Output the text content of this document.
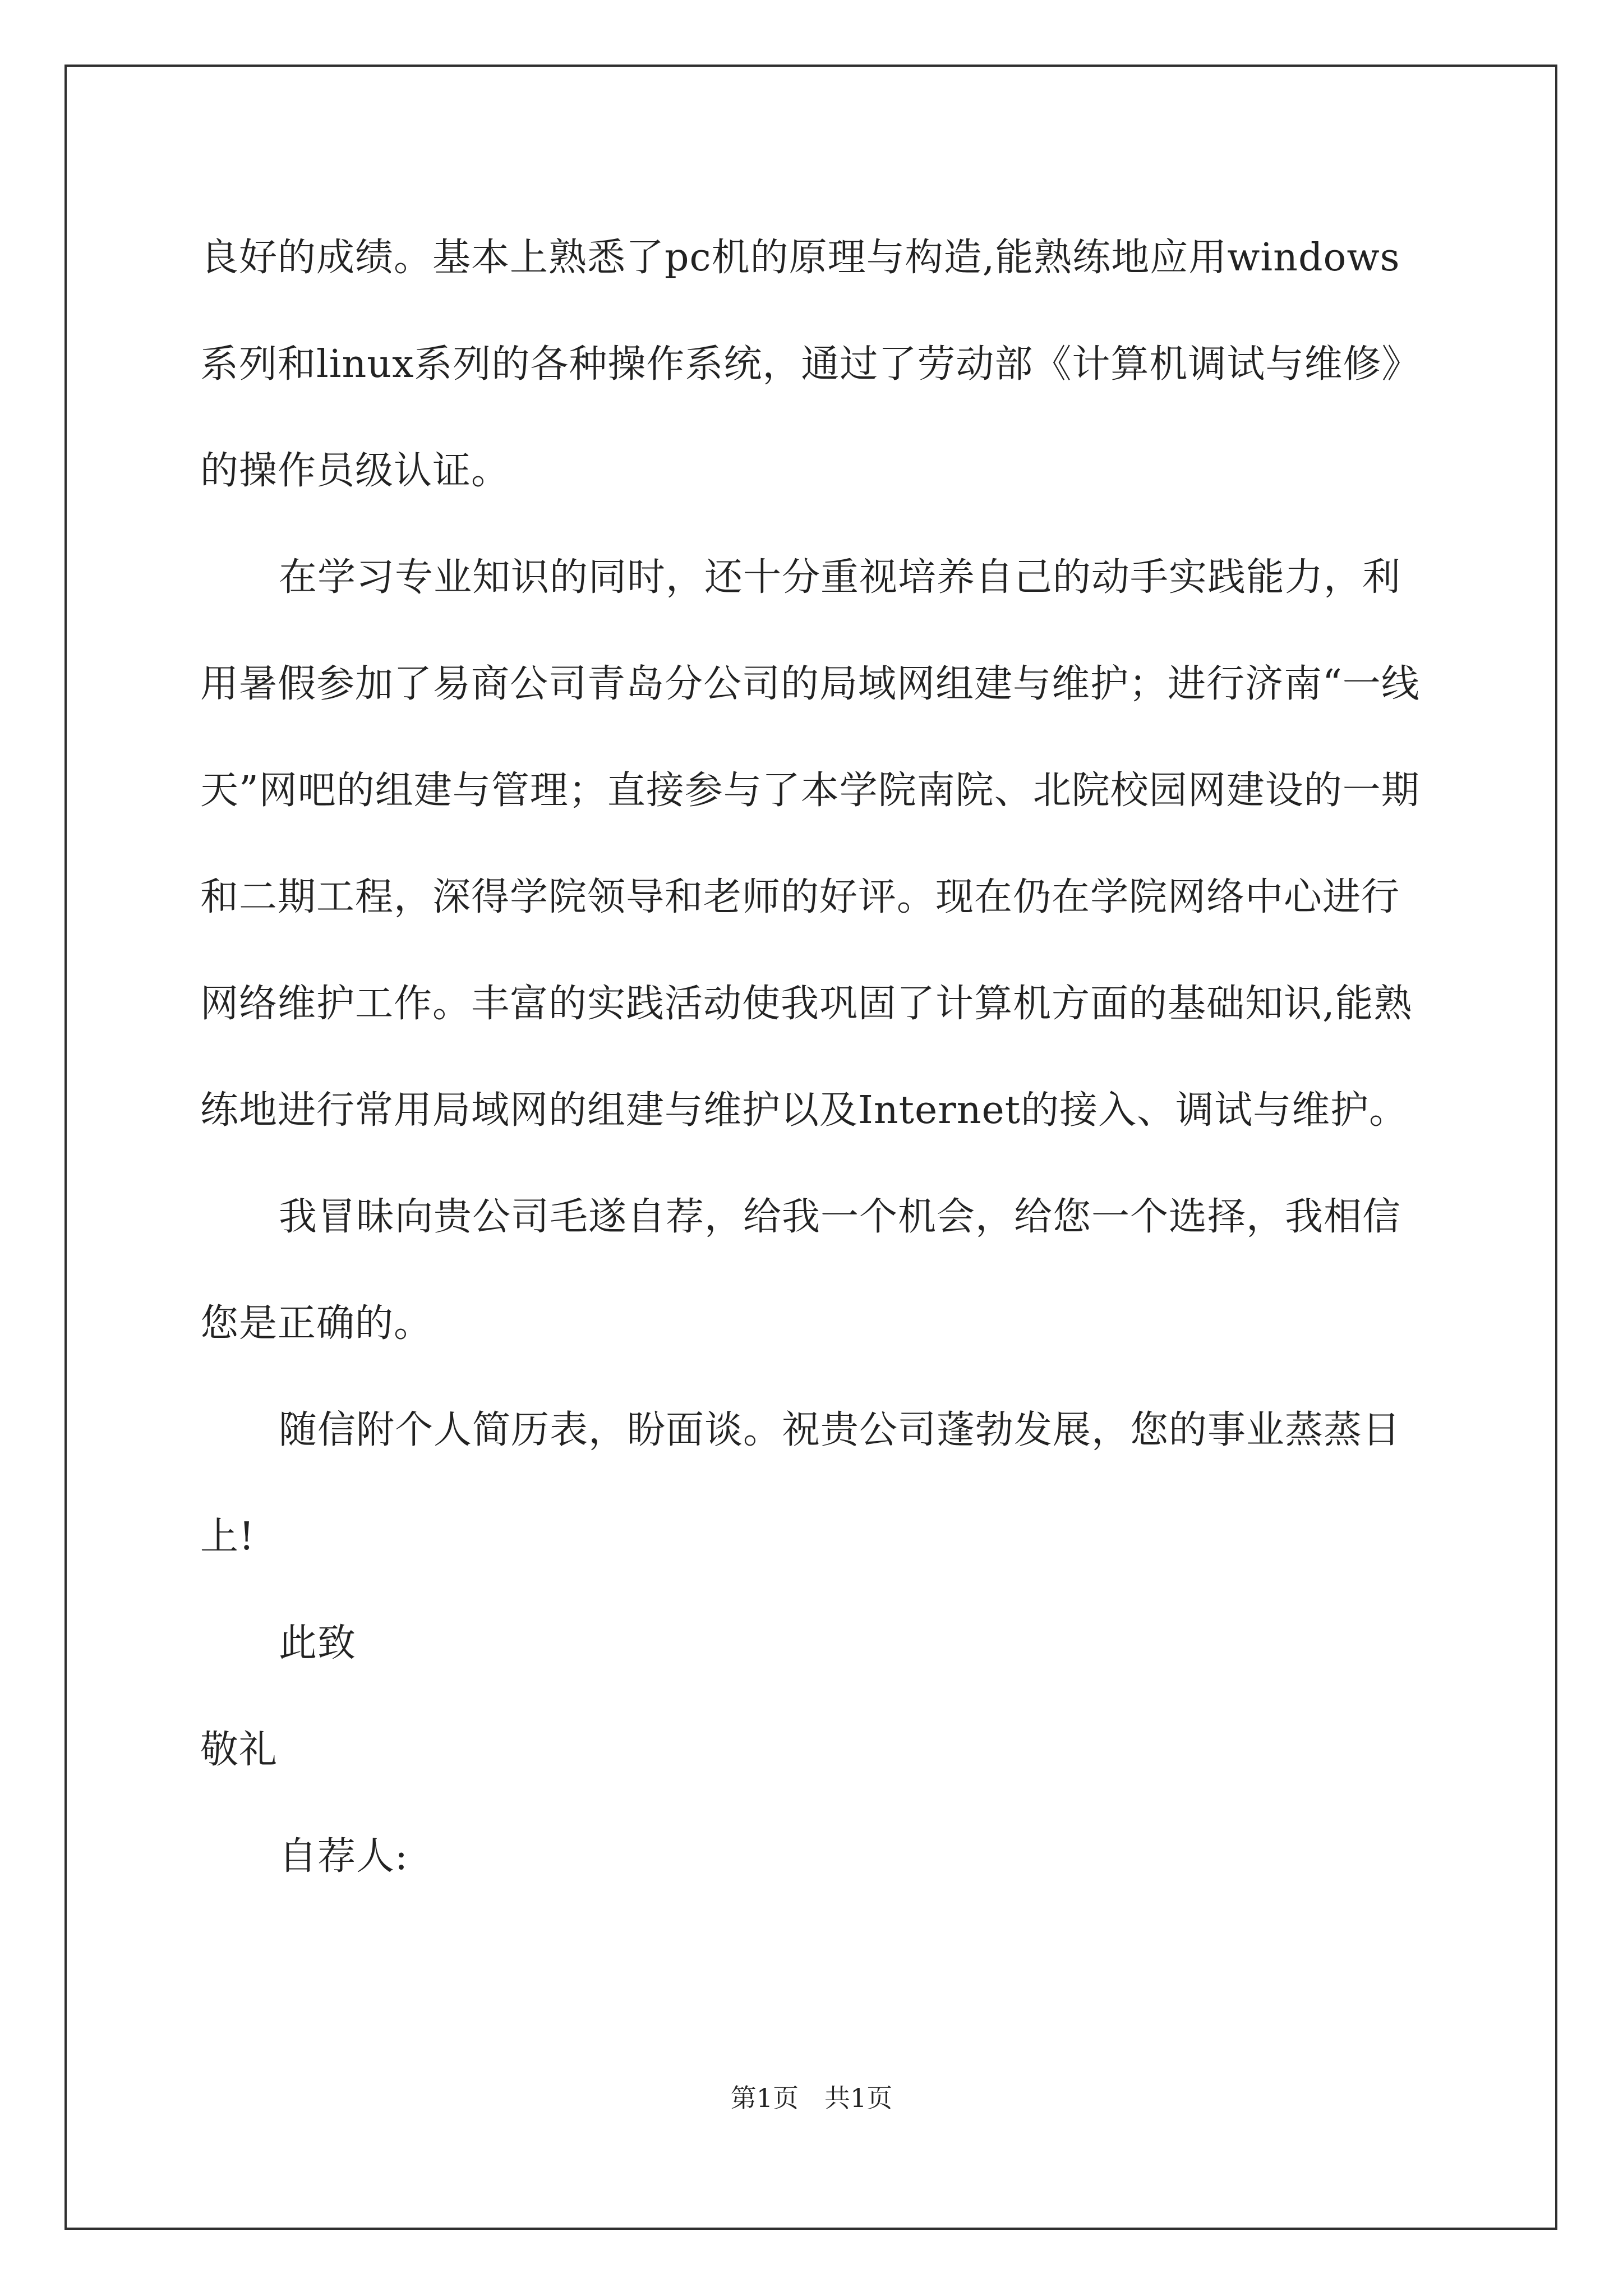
良好的成绩。基本上熟悉了pc机的原理与构造,能熟练地应用windows系列和linux系列的各种操作系统，通过了劳动部《计算机调试与维修》的操作员级认证。

在学习专业知识的同时，还十分重视培养自己的动手实践能力，利用暑假参加了易商公司青岛分公司的局域网组建与维护；进行济南“一线天”网吧的组建与管理；直接参与了本学院南院、北院校园网建设的一期和二期工程，深得学院领导和老师的好评。现在仍在学院网络中心进行网络维护工作。丰富的实践活动使我巩固了计算机方面的基础知识,能熟练地进行常用局域网的组建与维护以及Internet的接入、调试与维护。

我冒昧向贵公司毛遂自荐，给我一个机会，给您一个选择，我相信您是正确的。

随信附个人简历表，盼面谈。祝贵公司蓬勃发展，您的事业蒸蒸日上!

此致

敬礼

自荐人:

第1页　共1页
